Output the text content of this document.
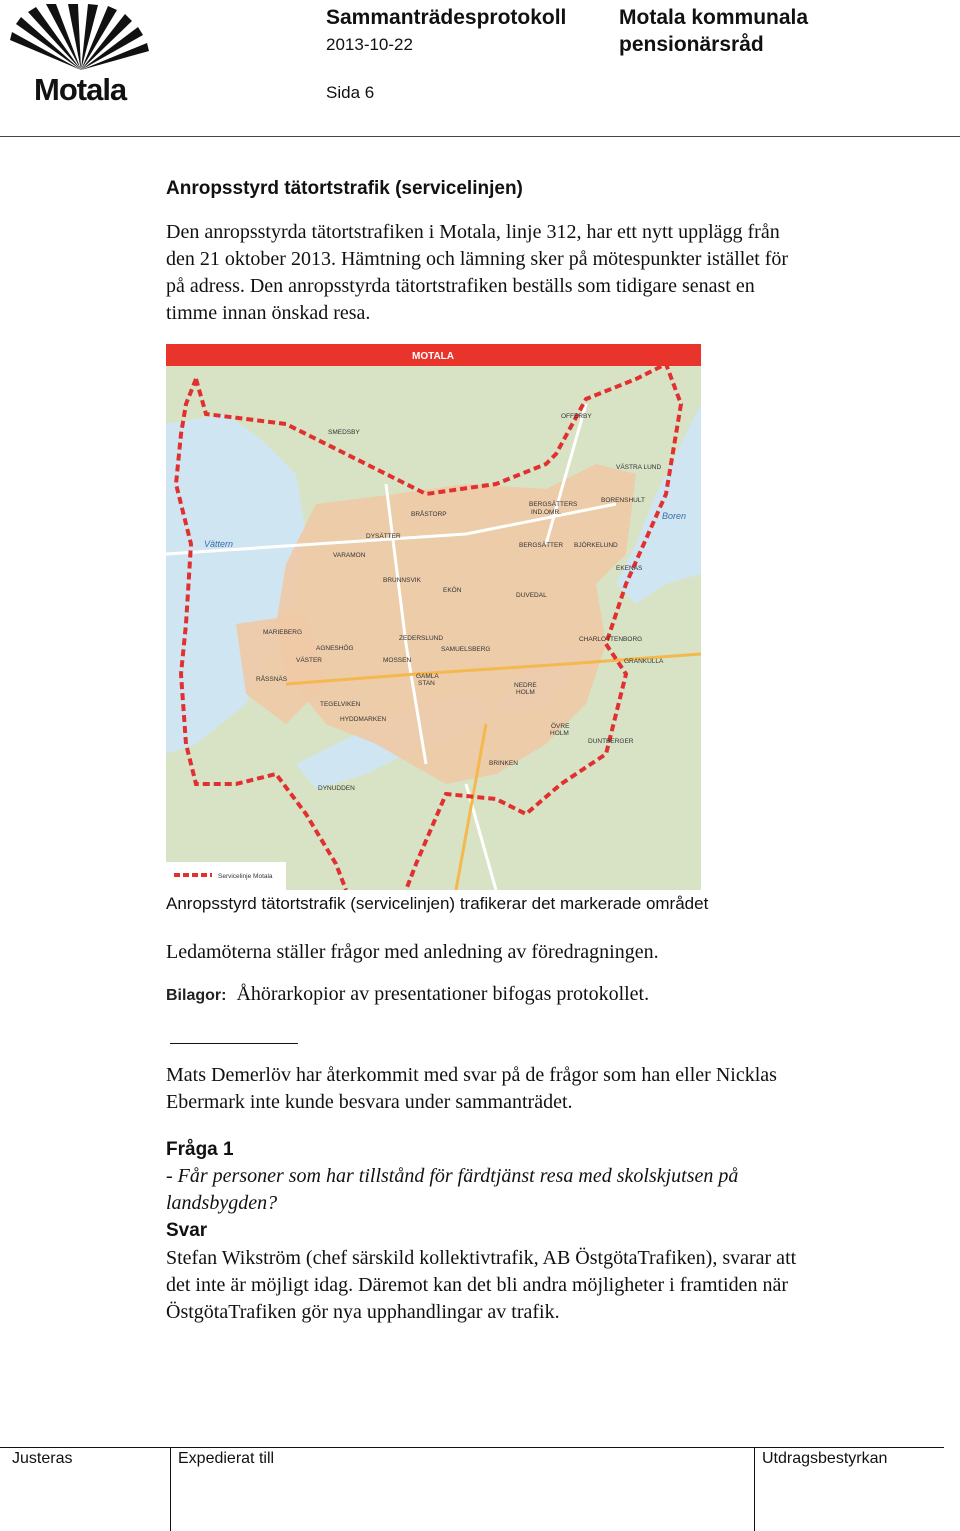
Motala
Sammanträdesprotokoll
2013-10-22
Sida 6
Motala kommunala
pensionärsråd
Anropsstyrd tätortstrafik (servicelinjen)
Den anropsstyrda tätortstrafiken i Motala, linje 312, har ett nytt upplägg från
den 21 oktober 2013. Hämtning och lämning sker på mötespunkter istället för
på adress. Den anropsstyrda tätortstrafiken beställs som tidigare senast en
timme innan önskad resa.
MOTALA
Vättern
Boren
SMEDSBY
OFFERBY
VÄSTRA LUND
BORENSHULT
BERGSÄTTERS
IND.OMR.
BRÅSTORP
DYSÄTTER
VARAMON
BERGSÄTTER BJÖRKELUND
EKENÄS
BRUNNSVIK
EKÖN
DUVEDAL
MARIEBERG
AGNESHÖG
ZEDERSLUND
SAMUELSBERG
CHARLOTTENBORG
VÄSTER	MOSSEN	GRANKULLA
RÅSSNÄS	GAMLA
STAN	NEDRE
HOLM
TEGELVIKEN
HYDDMARKEN
ÖVRE
HOLM
DUNTBERGER
BRINKEN
DYNUDDEN
Servicelinje Motala
Anropsstyrd tätortstrafik (servicelinjen) trafikerar det markerade området
Ledamöterna ställer frågor med anledning av föredragningen.
Bilagor: Åhörarkopior av presentationer bifogas protokollet.
Mats Demerlöv har återkommit med svar på de frågor som han eller Nicklas
Ebermark inte kunde besvara under sammanträdet.
Fråga 1
- Får personer som har tillstånd för färdtjänst resa med skolskjutsen på
landsbygden?
Svar
Stefan Wikström (chef särskild kollektivtrafik, AB ÖstgötaTrafiken), svarar att
det inte är möjligt idag. Däremot kan det bli andra möjligheter i framtiden när
ÖstgötaTrafiken gör nya upphandlingar av trafik.
Justeras	Expedierat till	Utdragsbestyrkan
